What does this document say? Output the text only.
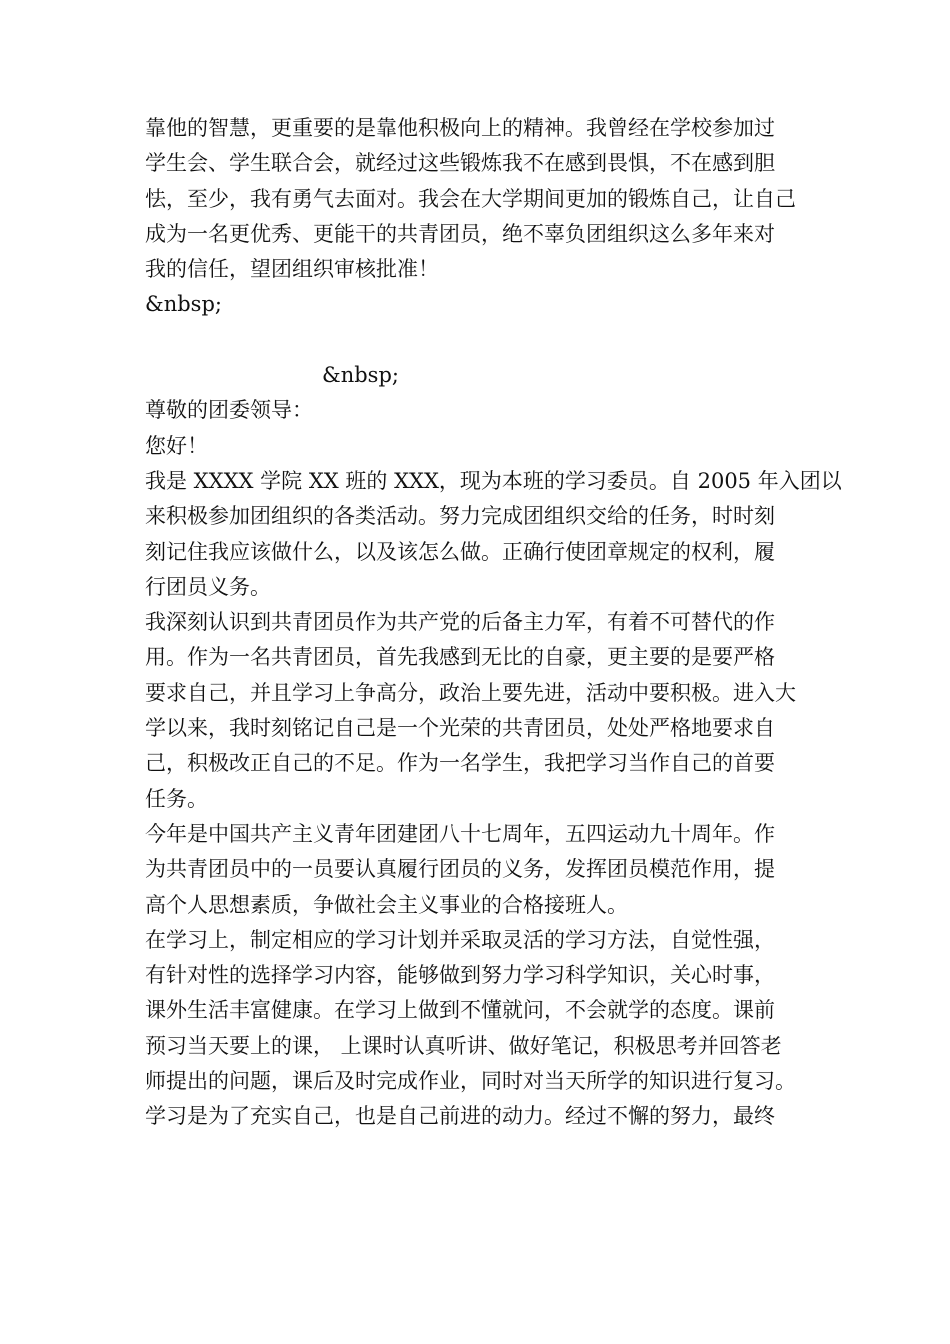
靠他的智慧，更重要的是靠他积极向上的精神。我曾经在学校参加过
学生会、学生联合会，就经过这些锻炼我不在感到畏惧，不在感到胆
怯，至少，我有勇气去面对。我会在大学期间更加的锻炼自己，让自己
成为一名更优秀、更能干的共青团员，绝不辜负团组织这么多年来对
我的信任，望团组织审核批准！
&nbsp;
&nbsp;
尊敬的团委领导：
您好！
我是 XXXX 学院 XX 班的 XXX，现为本班的学习委员。自 2005 年入团以
来积极参加团组织的各类活动。努力完成团组织交给的任务，时时刻
刻记住我应该做什么，以及该怎么做。正确行使团章规定的权利，履
行团员义务。
我深刻认识到共青团员作为共产党的后备主力军，有着不可替代的作
用。作为一名共青团员，首先我感到无比的自豪，更主要的是要严格
要求自己，并且学习上争高分，政治上要先进，活动中要积极。进入大
学以来，我时刻铭记自己是一个光荣的共青团员，处处严格地要求自
己，积极改正自己的不足。作为一名学生，我把学习当作自己的首要
任务。
今年是中国共产主义青年团建团八十七周年，五四运动九十周年。作
为共青团员中的一员要认真履行团员的义务，发挥团员模范作用，提
高个人思想素质，争做社会主义事业的合格接班人。
在学习上，制定相应的学习计划并采取灵活的学习方法，自觉性强，
有针对性的选择学习内容，能够做到努力学习科学知识，关心时事，
课外生活丰富健康。在学习上做到不懂就问，不会就学的态度。课前
预习当天要上的课， 上课时认真听讲、做好笔记，积极思考并回答老
师提出的问题，课后及时完成作业，同时对当天所学的知识进行复习。
学习是为了充实自己，也是自己前进的动力。经过不懈的努力，最终
